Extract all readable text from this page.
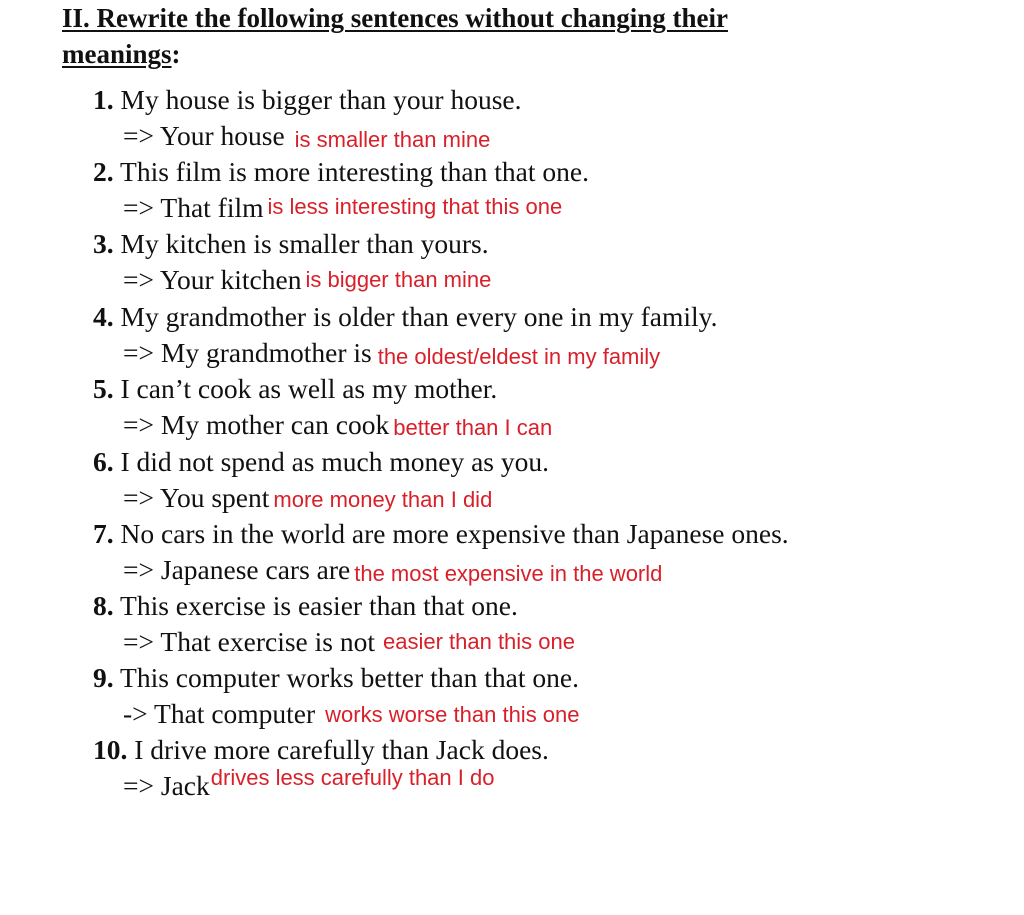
II. Rewrite the following sentences without changing their
meanings:
1. My house is bigger than your house.
=> Your house is smaller than mine
2. This film is more interesting than that one.
=> That film is less interesting that this one
3. My kitchen is smaller than yours.
=> Your kitchen is bigger than mine
4. My grandmother is older than every one in my family.
=> My grandmother is the oldest/eldest in my family
5. I can’t cook as well as my mother.
=> My mother can cook better than I can
6. I did not spend as much money as you.
=> You spent more money than I did
7. No cars in the world are more expensive than Japanese ones.
=> Japanese cars are the most expensive in the world
8. This exercise is easier than that one.
=> That exercise is not easier than this one
9. This computer works better than that one.
-> That computer works worse than this one
10. I drive more carefully than Jack does.
=> Jack drives less carefully than I do
